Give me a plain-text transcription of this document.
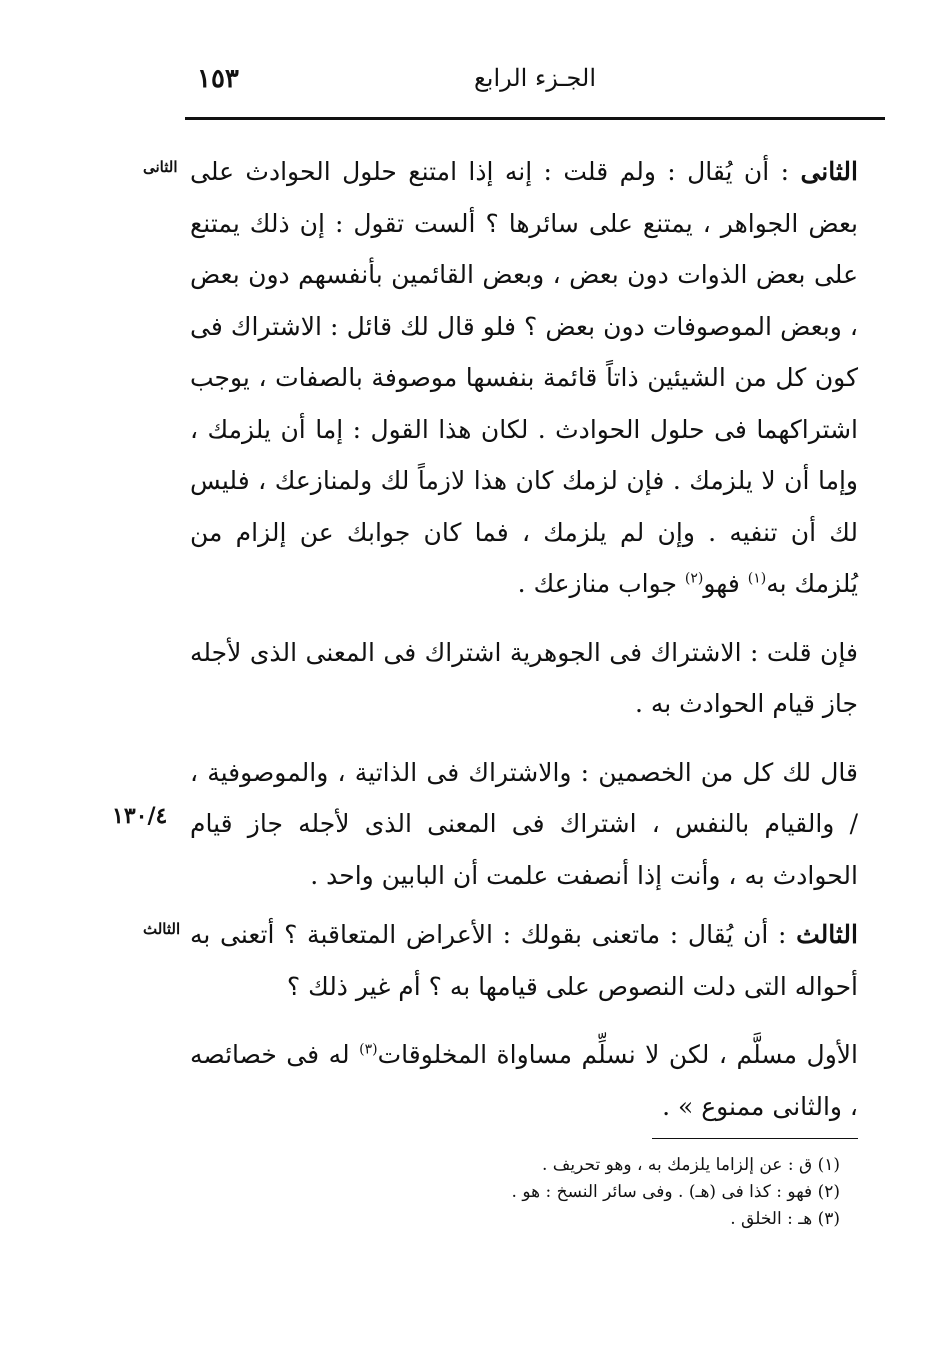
١٥٣	الجـزء الرابع
الثانى
١٣٠/٤
الثالث

الثانى : أن يُقال : ولم قلت : إنه إذا امتنع حلول الحوادث على بعض الجواهر ، يمتنع على سائرها ؟ ألست تقول : إن ذلك يمتنع على بعض الذوات دون بعض ، وبعض القائمين بأنفسهم دون بعض ، وبعض الموصوفات دون بعض ؟ فلو قال لك قائل : الاشتراك فى كون كل من الشيئين ذاتاً قائمة بنفسها موصوفة بالصفات ، يوجب اشتراكهما فى حلول الحوادث . لكان هذا القول : إما أن يلزمك ، وإما أن لا يلزمك . فإن لزمك كان هذا لازماً لك ولمنازعك ، فليس لك أن تنفيه . وإن لم يلزمك ، فما كان جوابك عن إلزام من يُلزمك به$^{(١)}$ فهو$^{(٢)}$ جواب منازعك .

فإن قلت : الاشتراك فى الجوهرية اشتراك فى المعنى الذى لأجله جاز قيام الحوادث به .

قال لك كل من الخصمين : والاشتراك فى الذاتية ، والموصوفية ، / والقيام بالنفس ، اشتراك فى المعنى الذى لأجله جاز قيام الحوادث به ، وأنت إذا أنصفت علمت أن البابين واحد .

الثالث : أن يُقال : ماتعنى بقولك : الأعراض المتعاقبة ؟ أتعنى به أحواله التى دلت النصوص على قيامها به ؟ أم غير ذلك ؟

الأول مسلَّم ، لكن لا نسلِّم مساواة المخلوقات$^{(٣)}$ له فى خصائصه ، والثانى ممنوع » .

(١) ق : عن إلزاما يلزمك به ، وهو تحريف .

(٢) فهو : كذا فى (هـ) . وفى سائر النسخ : هو .

(٣) هـ : الخلق .
